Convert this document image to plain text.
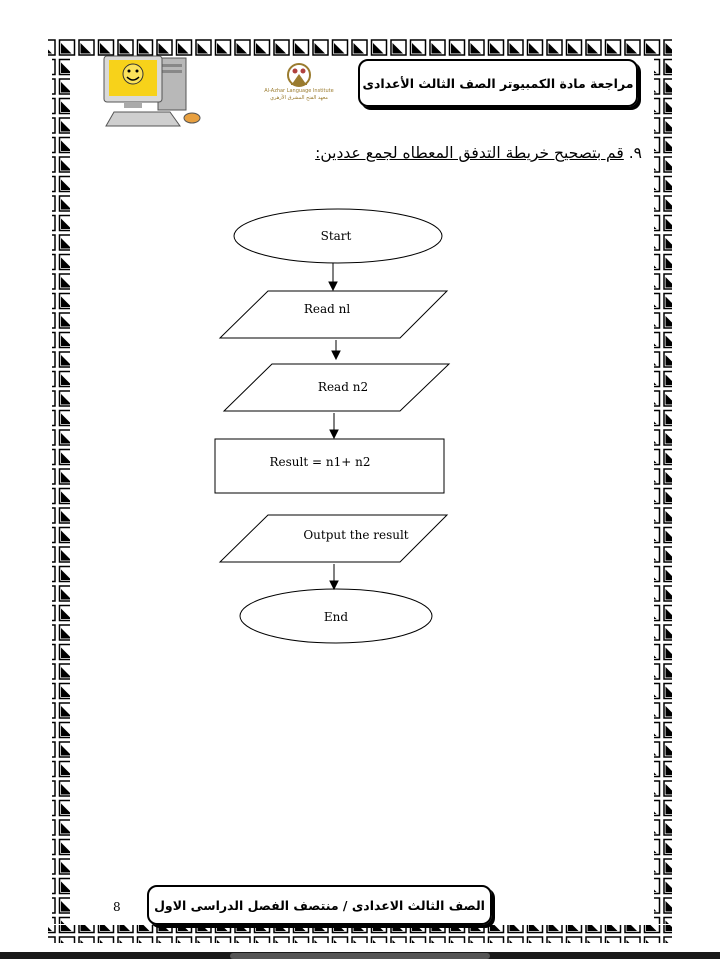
Al-Azhar Language Institute
معهد الفتح المشرق الأزهري
مراجعة مادة الكمبيوتر الصف الثالث الأعدادى
٩. قم بتصحيح خريطة التدفق المعطاه لجمع عددين:
Start
Read nl
Read n2
Result = n1+ n2
Output the result
End
8	الصف الثالث الاعدادى / منتصف الفصل الدراسى الاول
